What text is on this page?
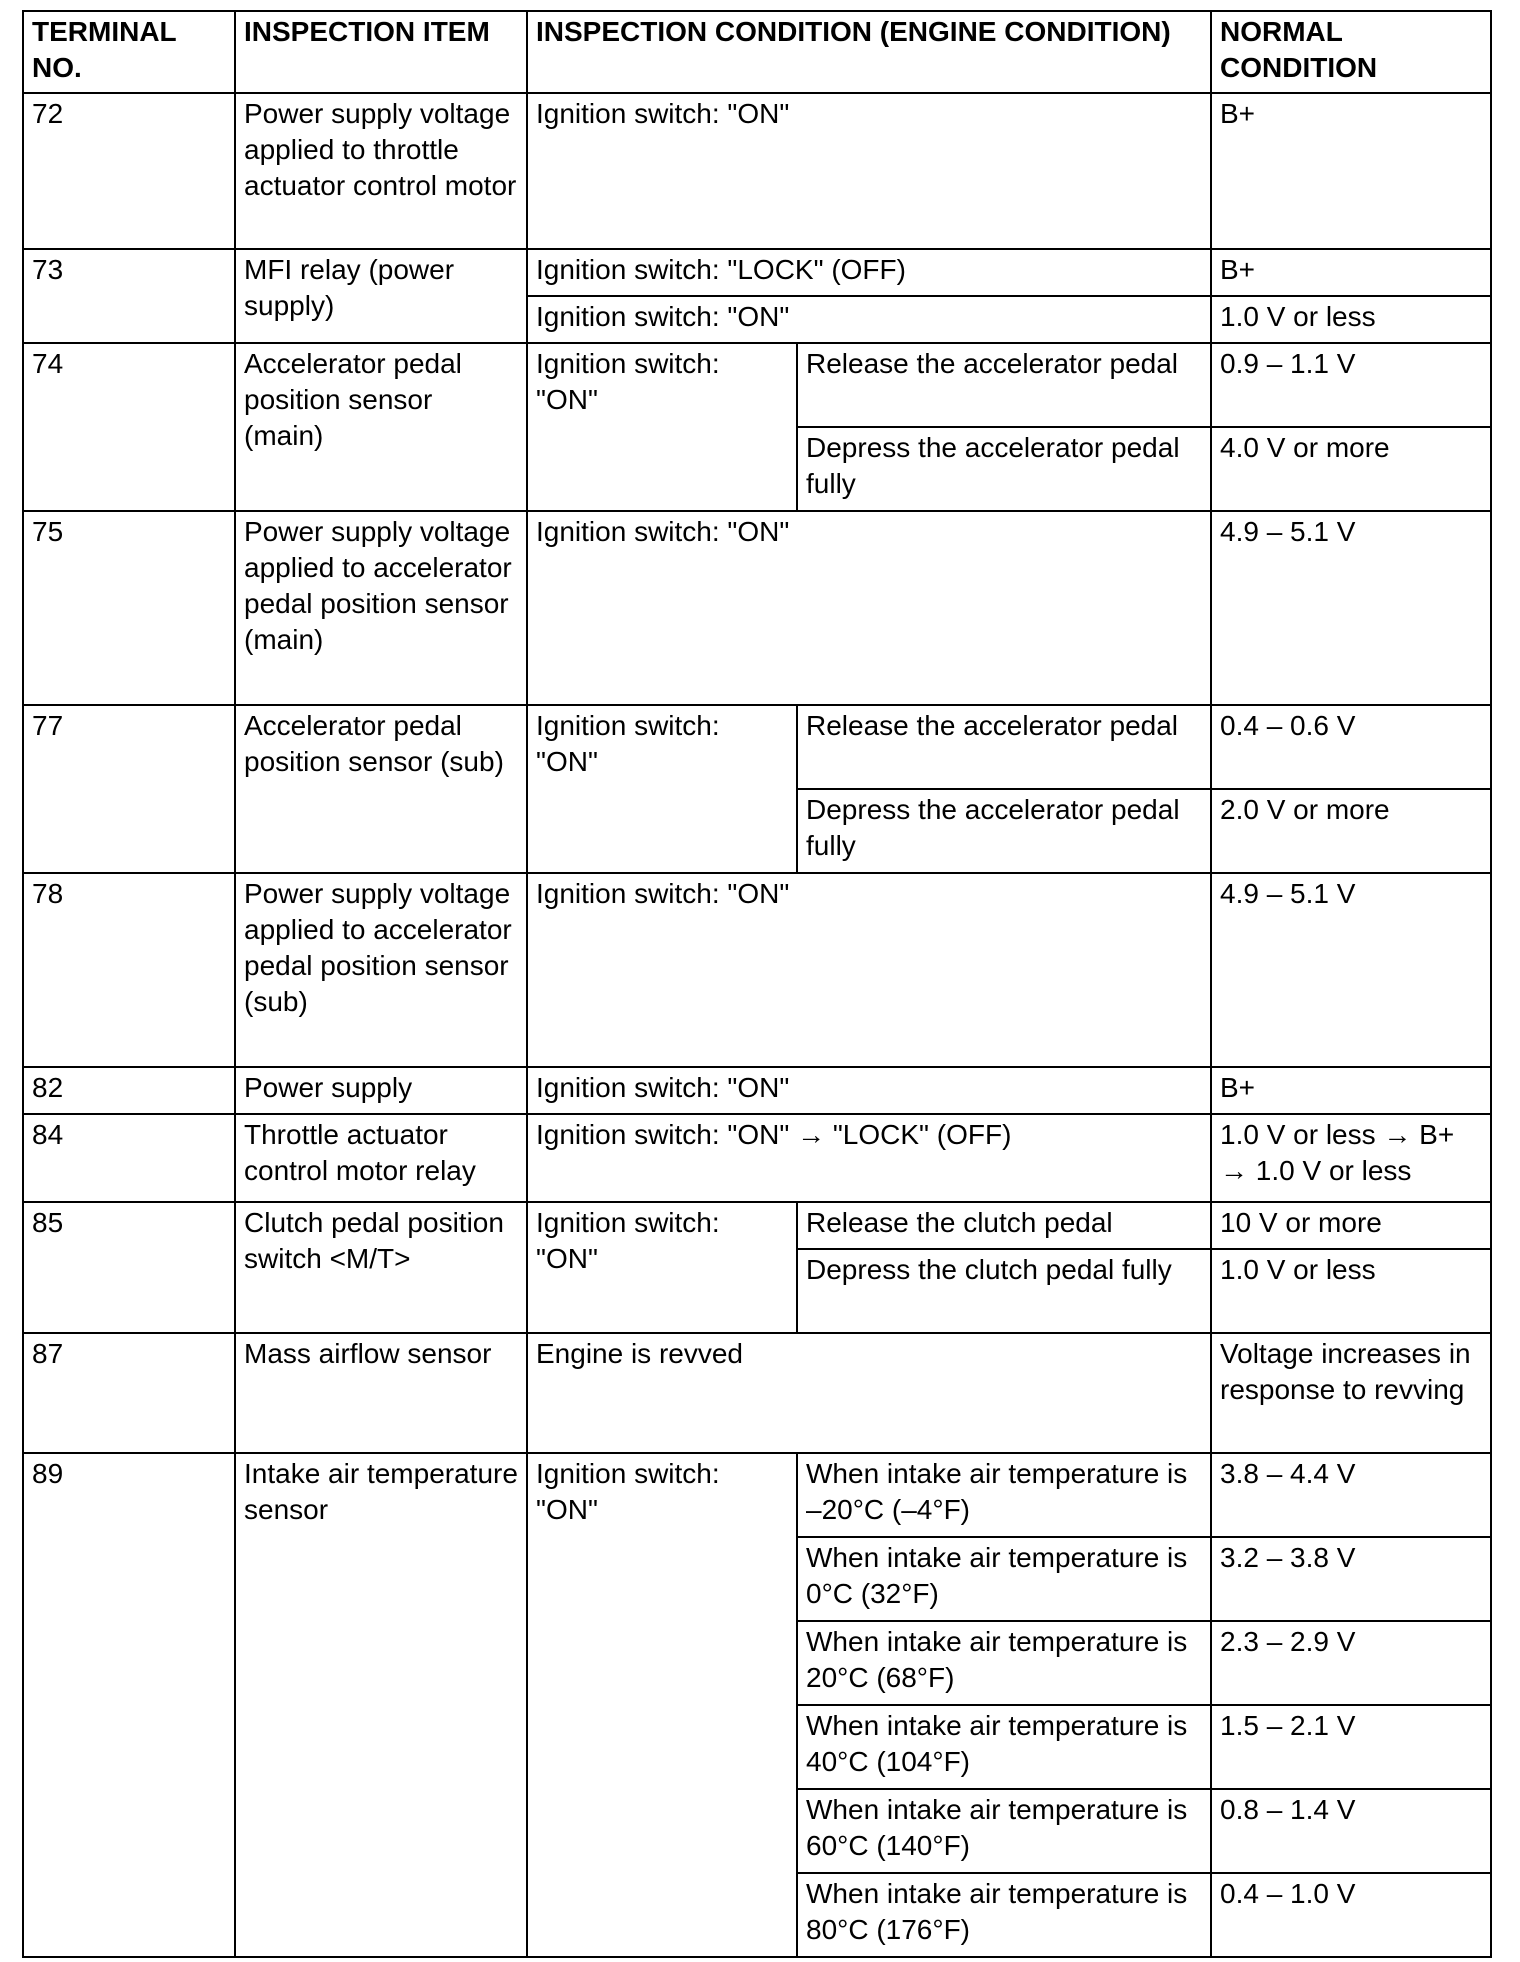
TERMINAL NO.	INSPECTION ITEM	INSPECTION CONDITION (ENGINE CONDITION)		NORMAL CONDITION
72	Power supply voltage applied to throttle actuator control motor	Ignition switch: "ON"		B+
73	MFI relay (power supply)	Ignition switch: "LOCK" (OFF)		B+
		Ignition switch: "ON"		1.0 V or less
74	Accelerator pedal position sensor (main)	Ignition switch: "ON"	Release the accelerator pedal	0.9 – 1.1 V
			Depress the accelerator pedal fully	4.0 V or more
75	Power supply voltage applied to accelerator pedal position sensor (main)	Ignition switch: "ON"		4.9 – 5.1 V
77	Accelerator pedal position sensor (sub)	Ignition switch: "ON"	Release the accelerator pedal	0.4 – 0.6 V
			Depress the accelerator pedal fully	2.0 V or more
78	Power supply voltage applied to accelerator pedal position sensor (sub)	Ignition switch: "ON"		4.9 – 5.1 V
82	Power supply	Ignition switch: "ON"		B+
84	Throttle actuator control motor relay	Ignition switch: "ON" → "LOCK" (OFF)		1.0 V or less → B+ → 1.0 V or less
85	Clutch pedal position switch <M/T>	Ignition switch: "ON"	Release the clutch pedal	10 V or more
			Depress the clutch pedal fully	1.0 V or less
87	Mass airflow sensor	Engine is revved		Voltage increases in response to revving
89	Intake air temperature sensor	Ignition switch: "ON"	When intake air temperature is –20°C (–4°F)	3.8 – 4.4 V
			When intake air temperature is 0°C (32°F)	3.2 – 3.8 V
			When intake air temperature is 20°C (68°F)	2.3 – 2.9 V
			When intake air temperature is 40°C (104°F)	1.5 – 2.1 V
			When intake air temperature is 60°C (140°F)	0.8 – 1.4 V
			When intake air temperature is 80°C (176°F)	0.4 – 1.0 V
